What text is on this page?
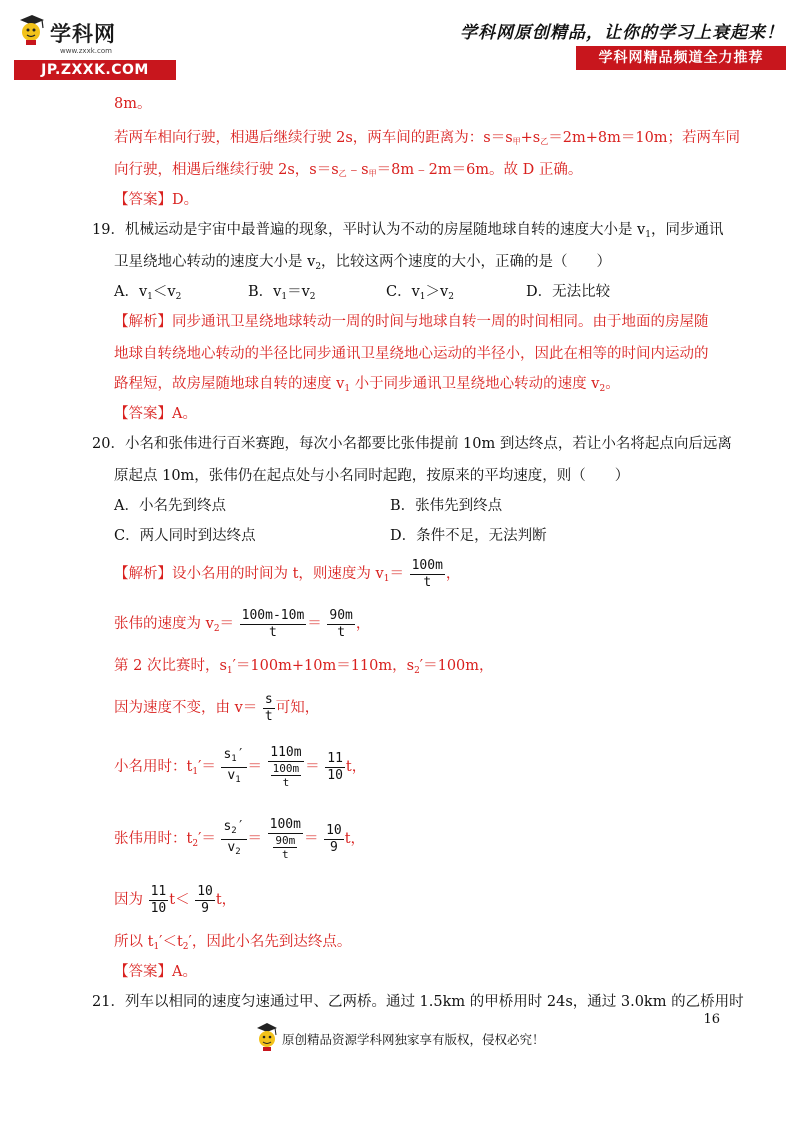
学科网
www.zxxk.com
JP.ZXXK.COM
学科网原创精品，让你的学习上衰起来！
学科网精品频道全力推荐
8m。
若两车相向行驶，相遇后继续行驶 2s，两车间的距离为：s＝s甲+s乙＝2m+8m＝10m；若两车同
向行驶，相遇后继续行驶 2s，s＝s乙﹣s甲＝8m﹣2m＝6m。故 D 正确。
【答案】D。
19．机械运动是宇宙中最普遍的现象，平时认为不动的房屋随地球自转的速度大小是 $v_1$，同步通讯
卫星绕地心转动的速度大小是 $v_2$，比较这两个速度的大小，正确的是（　　）
A．$v_1<v_2$	B．$v_1=v_2$	C．$v_1>v_2$	D．无法比较
【解析】同步通讯卫星绕地球转动一周的时间与地球自转一周的时间相同。由于地面的房屋随
地球自转绕地心转动的半径比同步通讯卫星绕地心运动的半径小，因此在相等的时间内运动的
路程短，故房屋随地球自转的速度 $v_1$ 小于同步通讯卫星绕地心转动的速度 $v_2$。
【答案】A。
20．小名和张伟进行百米赛跑，每次小名都要比张伟提前 10m 到达终点，若让小名将起点向后远离
原起点 10m，张伟仍在起点处与小名同时起跑，按原来的平均速度，则（　　）
A．小名先到终点	B．张伟先到终点
C．两人同时到达终点	D．条件不足，无法判断
【解析】设小名用的时间为 t，则速度为 $v_1= \frac{100m}{t}$ ，
张伟的速度为 $v_2= \frac{100m-10m}{t} = \frac{90m}{t}$ ，
第 2 次比赛时，$s_1'=100m+10m=110m$，$s_2'=100m$，
因为速度不变，由 $v= \frac{s}{t}$ 可知，
小名用时：$t_1'= \frac{s_1'}{v_1} = \frac{110m}{\frac{100m}{t}} = \frac{11}{10}$ t，
张伟用时：$t_2'= \frac{s_2'}{v_2} = \frac{100m}{\frac{90m}{t}} = \frac{10}{9}$ t，
因为 $\frac{11}{10} t< \frac{10}{9}$ t，
所以 $t_1'<t_2'$，因此小名先到达终点。
【答案】A。
21．列车以相同的速度匀速通过甲、乙两桥。通过 1.5km 的甲桥用时 24s，通过 3.0km 的乙桥用时
16
原创精品资源学科网独家享有版权，侵权必究！
